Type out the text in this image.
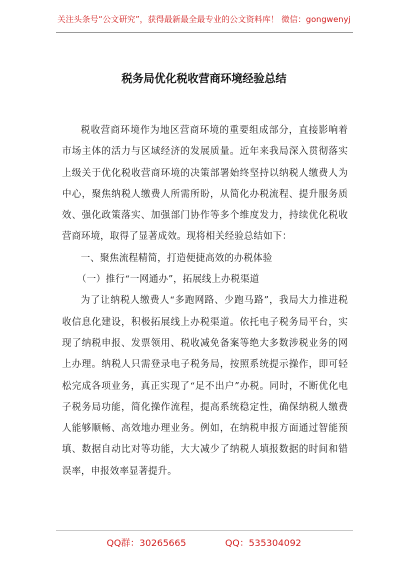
关注头条号“公文研究”，获得最新最全最专业的公文资料库！ 微信：gongwenyj
税务局优化税收营商环境经验总结

税收营商环境作为地区营商环境的重要组成部分，直接影响着市场主体的活力与区域经济的发展质量。近年来我局深入贯彻落实上级关于优化税收营商环境的决策部署始终坚持以纳税人缴费人为中心，聚焦纳税人缴费人所需所盼，从简化办税流程、提升服务质效、强化政策落实、加强部门协作等多个维度发力，持续优化税收营商环境，取得了显著成效。现将相关经验总结如下：

一、聚焦流程精简，打造便捷高效的办税体验

（一）推行“一网通办”，拓展线上办税渠道

为了让纳税人缴费人“多跑网路、少跑马路”，我局大力推进税收信息化建设，积极拓展线上办税渠道。依托电子税务局平台，实现了纳税申报、发票领用、税收减免备案等绝大多数涉税业务的网上办理。纳税人只需登录电子税务局，按照系统提示操作，即可轻松完成各项业务，真正实现了“足不出户”办税。同时，不断优化电子税务局功能，简化操作流程，提高系统稳定性，确保纳税人缴费人能够顺畅、高效地办理业务。例如，在纳税申报方面通过智能预填、数据自动比对等功能，大大减少了纳税人填报数据的时间和错误率，申报效率显著提升。

QQ群：30265665	QQ：535304092
